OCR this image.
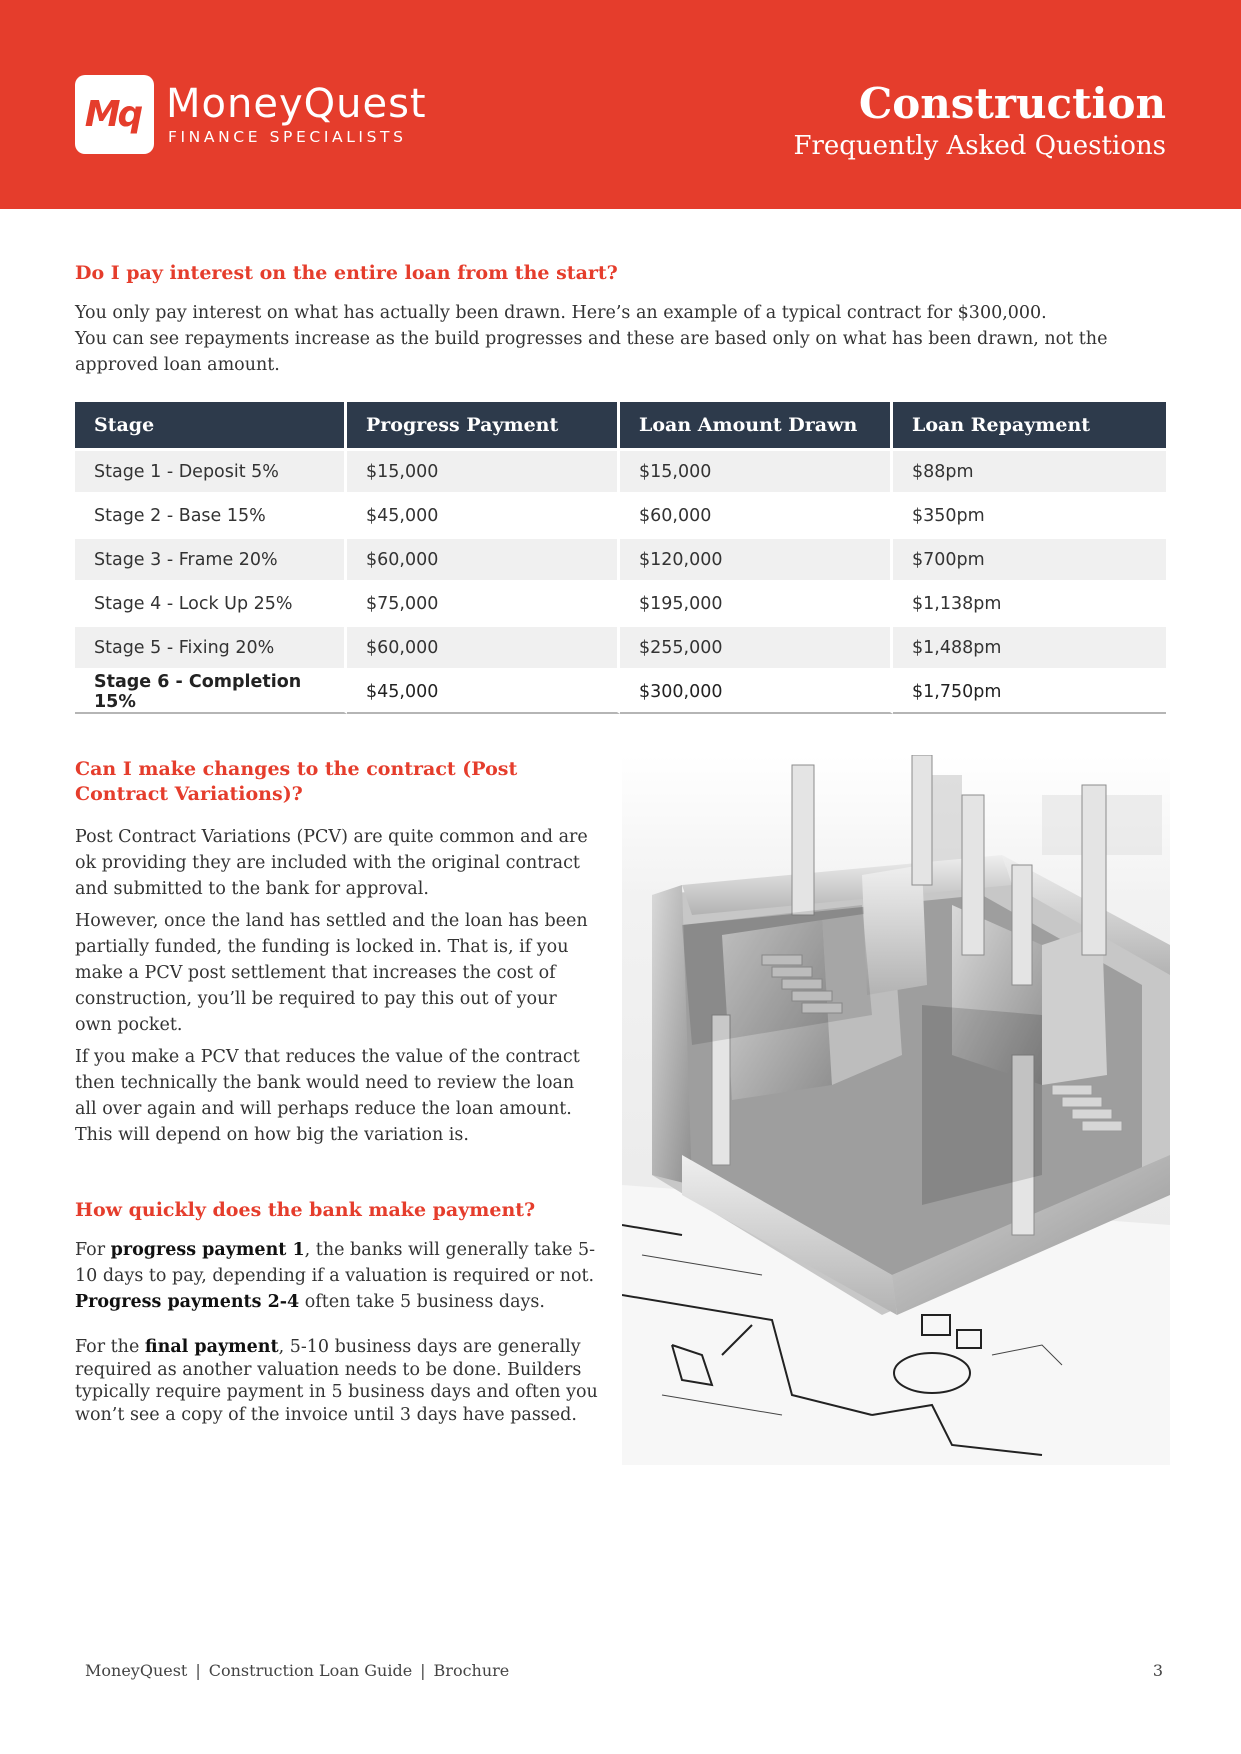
Mq MoneyQuest
FINANCE SPECIALISTS
Construction
Frequently Asked Questions
Do I pay interest on the entire loan from the start?

You only pay interest on what has actually been drawn. Here’s an example of a typical contract for $300,000.

You can see repayments increase as the build progresses and these are based only on what has been drawn, not the approved loan amount.

Stage	Progress Payment	Loan Amount Drawn	Loan Repayment
Stage 1 - Deposit 5%	$15,000	$15,000	$88pm
Stage 2 - Base 15%	$45,000	$60,000	$350pm
Stage 3 - Frame 20%	$60,000	$120,000	$700pm
Stage 4 - Lock Up 25%	$75,000	$195,000	$1,138pm
Stage 5 - Fixing 20%	$60,000	$255,000	$1,488pm
Stage 6 - Completion 15%	$45,000	$300,000	$1,750pm
Can I make changes to the contract (Post Contract Variations)?

Post Contract Variations (PCV) are quite common and are ok providing they are included with the original contract and submitted to the bank for approval.

However, once the land has settled and the loan has been partially funded, the funding is locked in. That is, if you make a PCV post settlement that increases the cost of construction, you’ll be required to pay this out of your own pocket.

If you make a PCV that reduces the value of the contract then technically the bank would need to review the loan all over again and will perhaps reduce the loan amount. This will depend on how big the variation is.

How quickly does the bank make payment?

For progress payment 1, the banks will generally take 5-10 days to pay, depending if a valuation is required or not.
Progress payments 2-4 often take 5 business days.

For the final payment, 5-10 business days are generally required as another valuation needs to be done. Builders typically require payment in 5 business days and often you won’t see a copy of the invoice until 3 days have passed.

MoneyQuest | Construction Loan Guide | Brochure	3
